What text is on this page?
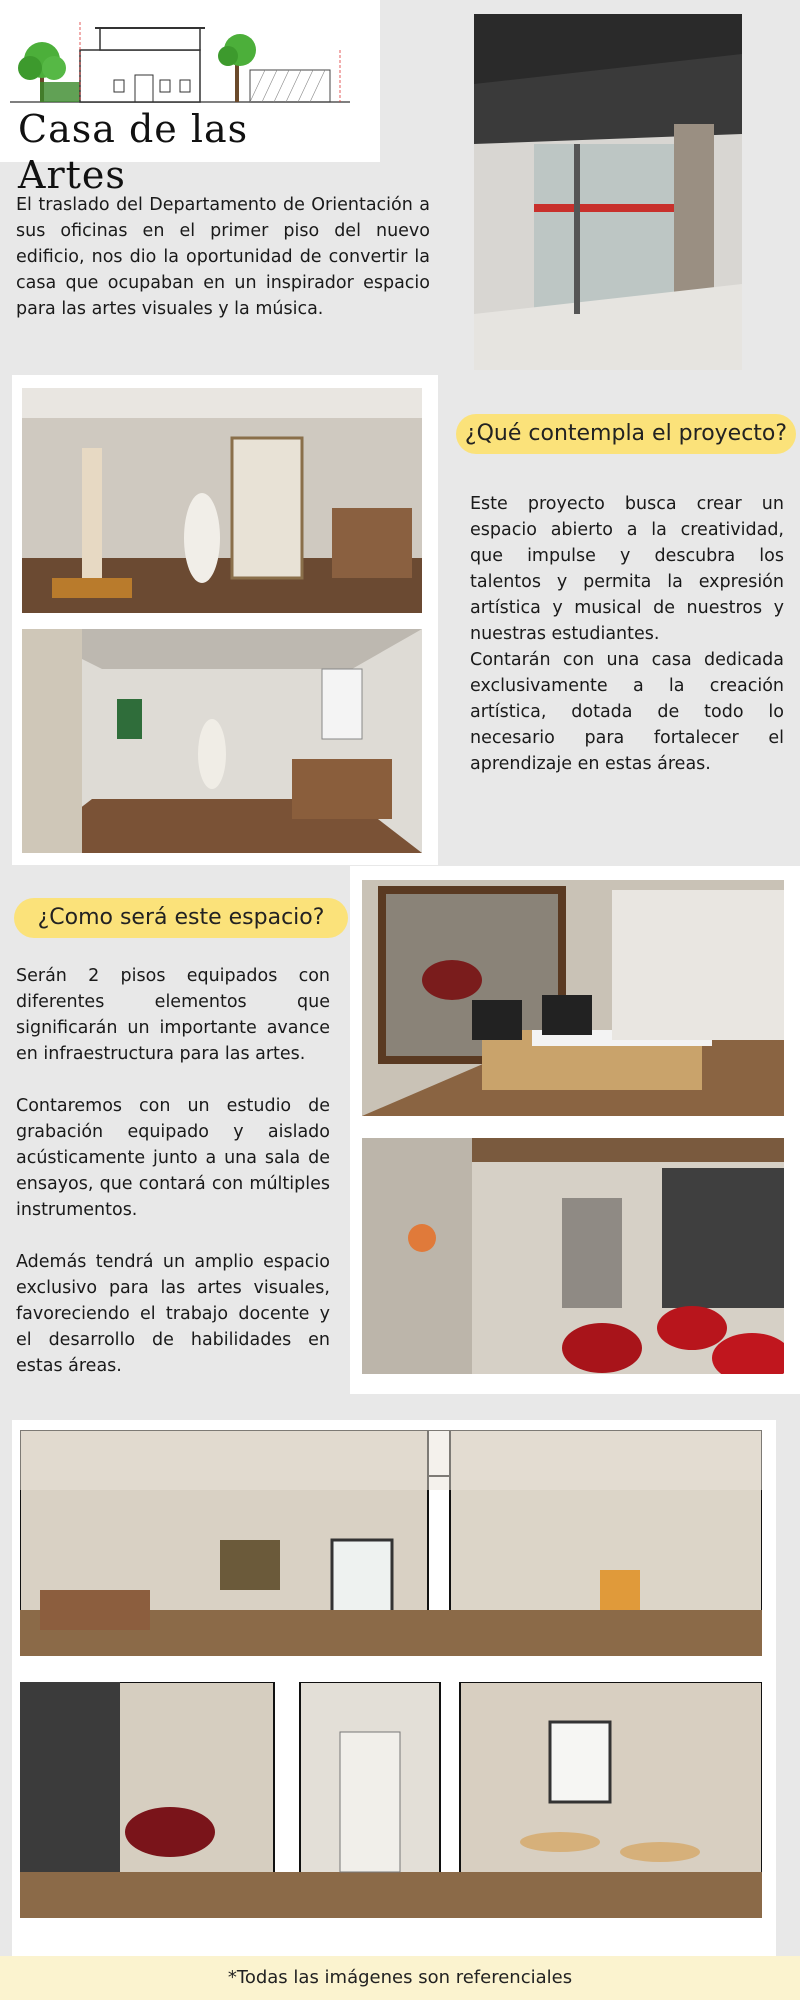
Casa de las Artes

El traslado del Departamento de Orientación a sus oficinas en el primer piso del nuevo edificio, nos dio la oportunidad de convertir la casa que ocupaban en un inspirador espacio para las artes visuales y la música.

¿Qué contempla el proyecto?

Este proyecto busca crear un espacio abierto a la creatividad, que impulse y descubra los talentos y permita la expresión artística y musical de nuestros y nuestras estudiantes.

Contarán con una casa dedicada exclusivamente a la creación artística, dotada de todo lo necesario para fortalecer el aprendizaje en estas áreas.

¿Como será este espacio?

Serán 2 pisos equipados con diferentes elementos que significarán un importante avance en infraestructura para las artes.

Contaremos con un estudio de grabación equipado y aislado acústicamente junto a una sala de ensayos, que contará con múltiples instrumentos.

Además tendrá un amplio espacio exclusivo para las artes visuales, favoreciendo el trabajo docente y el desarrollo de habilidades en estas áreas.

*Todas las imágenes son referenciales
